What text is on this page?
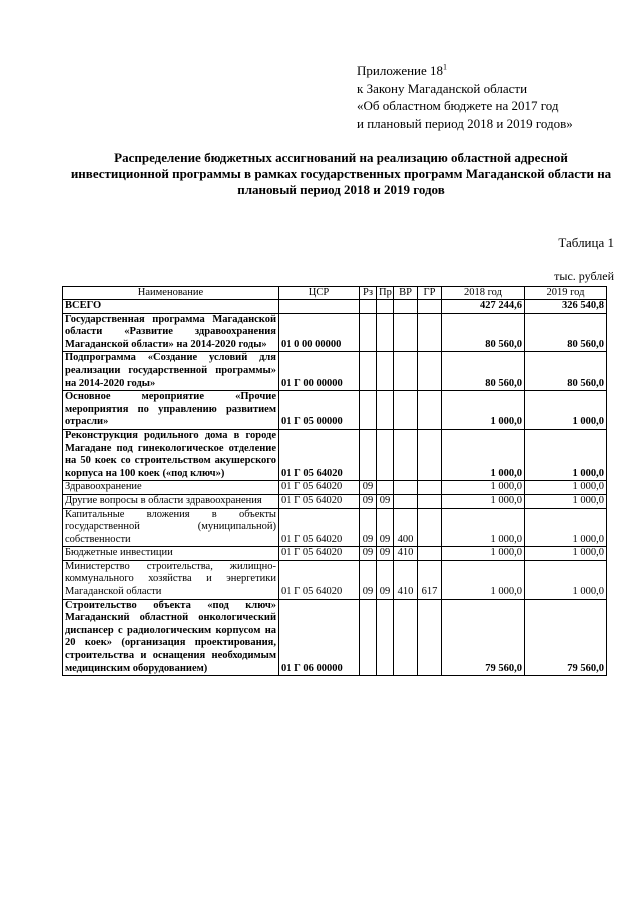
Приложение $18^1$
к Закону Магаданской области
«Об областном бюджете на 2017 год
и плановый период 2018 и 2019 годов»
Распределение бюджетных ассигнований на реализацию областной адресной инвестиционной программы в рамках государственных программ Магаданской области на плановый период 2018 и 2019 годов
Таблица 1
тыс. рублей
Наименование	ЦСР	Рз	Пр	ВР	ГР	2018 год	2019 год
ВСЕГО						427 244,6	326 540,8
Государственная программа Магаданской области «Развитие здравоохранения Магаданской области» на 2014-2020 годы»	01 0 00 00000					80 560,0	80 560,0
Подпрограмма «Создание условий для реализации государственной программы» на 2014-2020 годы»	01 Г 00 00000					80 560,0	80 560,0
Основное мероприятие «Прочие мероприятия по управлению развитием отрасли»	01 Г 05 00000					1 000,0	1 000,0
Реконструкция родильного дома в городе Магадане под гинекологическое отделение на 50 коек со строительством акушерского корпуса на 100 коек («под ключ»)	01 Г 05 64020					1 000,0	1 000,0
Здравоохранение	01 Г 05 64020	09				1 000,0	1 000,0
Другие вопросы в области здравоохранения	01 Г 05 64020	09	09			1 000,0	1 000,0
Капитальные вложения в объекты государственной (муниципальной) собственности	01 Г 05 64020	09	09	400		1 000,0	1 000,0
Бюджетные инвестиции	01 Г 05 64020	09	09	410		1 000,0	1 000,0
Министерство строительства, жилищно-коммунального хозяйства и энергетики Магаданской области	01 Г 05 64020	09	09	410	617	1 000,0	1 000,0
Строительство объекта «под ключ» Магаданский областной онкологический диспансер с радиологическим корпусом на 20 коек» (организация проектирования, строительства и оснащения необходимым медицинским оборудованием)	01 Г 06 00000					79 560,0	79 560,0
